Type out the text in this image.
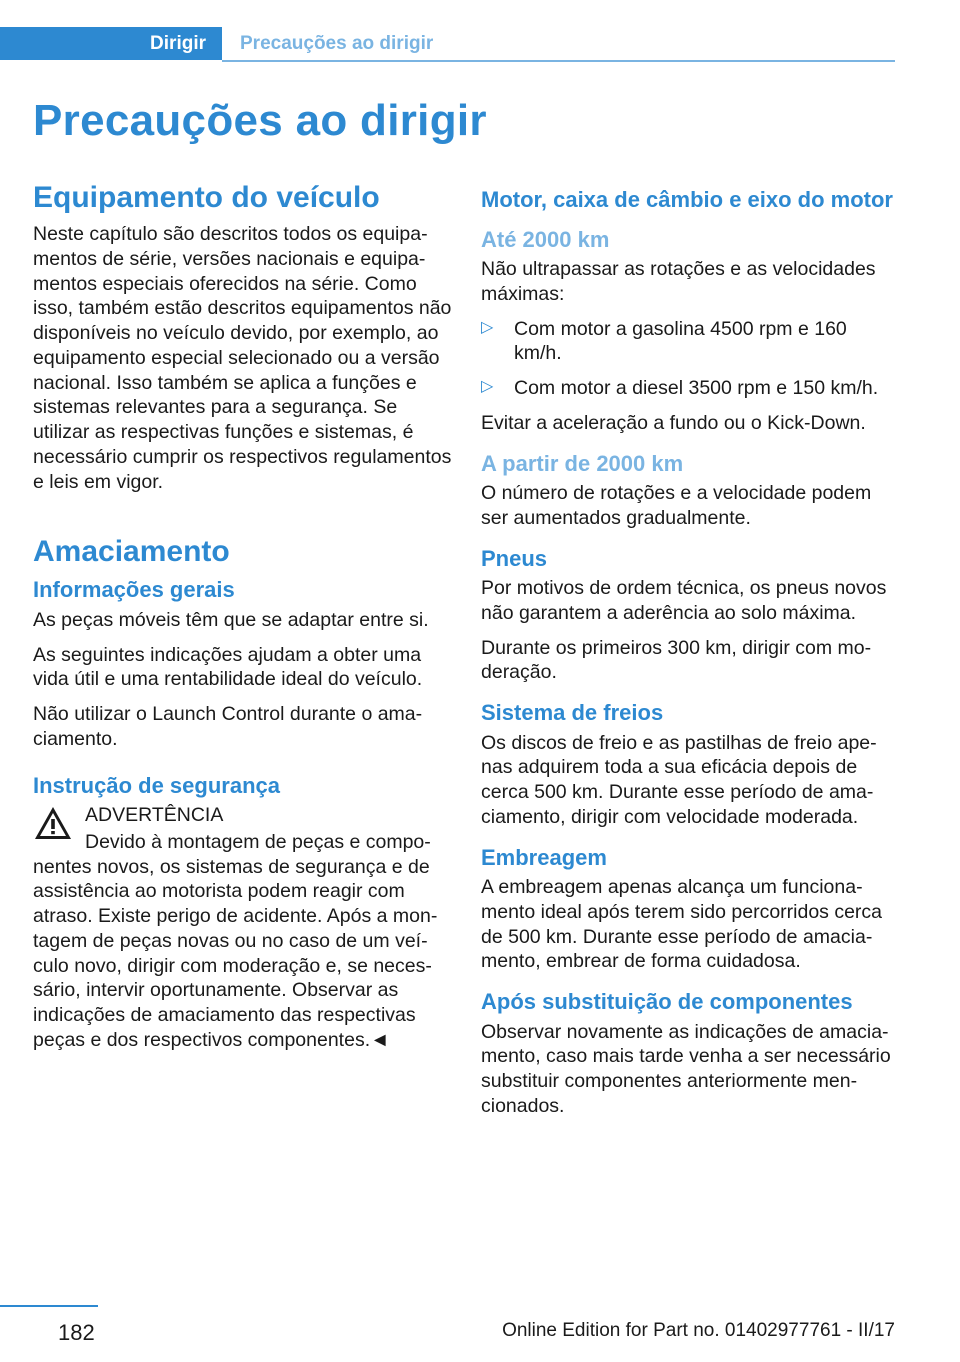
Dirigir	Precauções ao dirigir
Precauções ao dirigir
Equipamento do veículo

Neste capítulo são descritos todos os equipamentos de série, versões nacionais e equipamentos especiais oferecidos na série. Como isso, também estão descritos equipamentos não disponíveis no veículo devido, por exemplo, ao equipamento especial selecionado ou a versão nacional. Isso também se aplica a funções e sistemas relevantes para a segurança. Se utilizar as respectivas funções e sistemas, é necessário cumprir os respectivos regulamentos e leis em vigor.

Amaciamento
Informações gerais

As peças móveis têm que se adaptar entre si.

As seguintes indicações ajudam a obter uma vida útil e uma rentabilidade ideal do veículo.

Não utilizar o Launch Control durante o amaciamento.

Instrução de segurança

ADVERTÊNCIA

Devido à montagem de peças e componentes novos, os sistemas de segurança e de assistência ao motorista podem reagir com atraso. Existe perigo de acidente. Após a montagem de peças novas ou no caso de um veículo novo, dirigir com moderação e, se necessário, intervir oportunamente. Observar as indicações de amaciamento das respectivas peças e dos respectivos componentes.◄

Motor, caixa de câmbio e eixo do motor
Até 2000 km

Não ultrapassar as rotações e as velocidades máximas:

▷ Com motor a gasolina 4500 rpm e 160 km/h.
▷ Com motor a diesel 3500 rpm e 150 km/h.

Evitar a aceleração a fundo ou o Kick-Down.

A partir de 2000 km

O número de rotações e a velocidade podem ser aumentados gradualmente.

Pneus

Por motivos de ordem técnica, os pneus novos não garantem a aderência ao solo máxima.

Durante os primeiros 300 km, dirigir com moderação.

Sistema de freios

Os discos de freio e as pastilhas de freio apenas adquirem toda a sua eficácia depois de cerca 500 km. Durante esse período de amaciamento, dirigir com velocidade moderada.

Embreagem

A embreagem apenas alcança um funcionamento ideal após terem sido percorridos cerca de 500 km. Durante esse período de amaciamento, embrear de forma cuidadosa.

Após substituição de componentes

Observar novamente as indicações de amaciamento, caso mais tarde venha a ser necessário substituir componentes anteriormente mencionados.

182	Online Edition for Part no. 01402977761 - II/17
